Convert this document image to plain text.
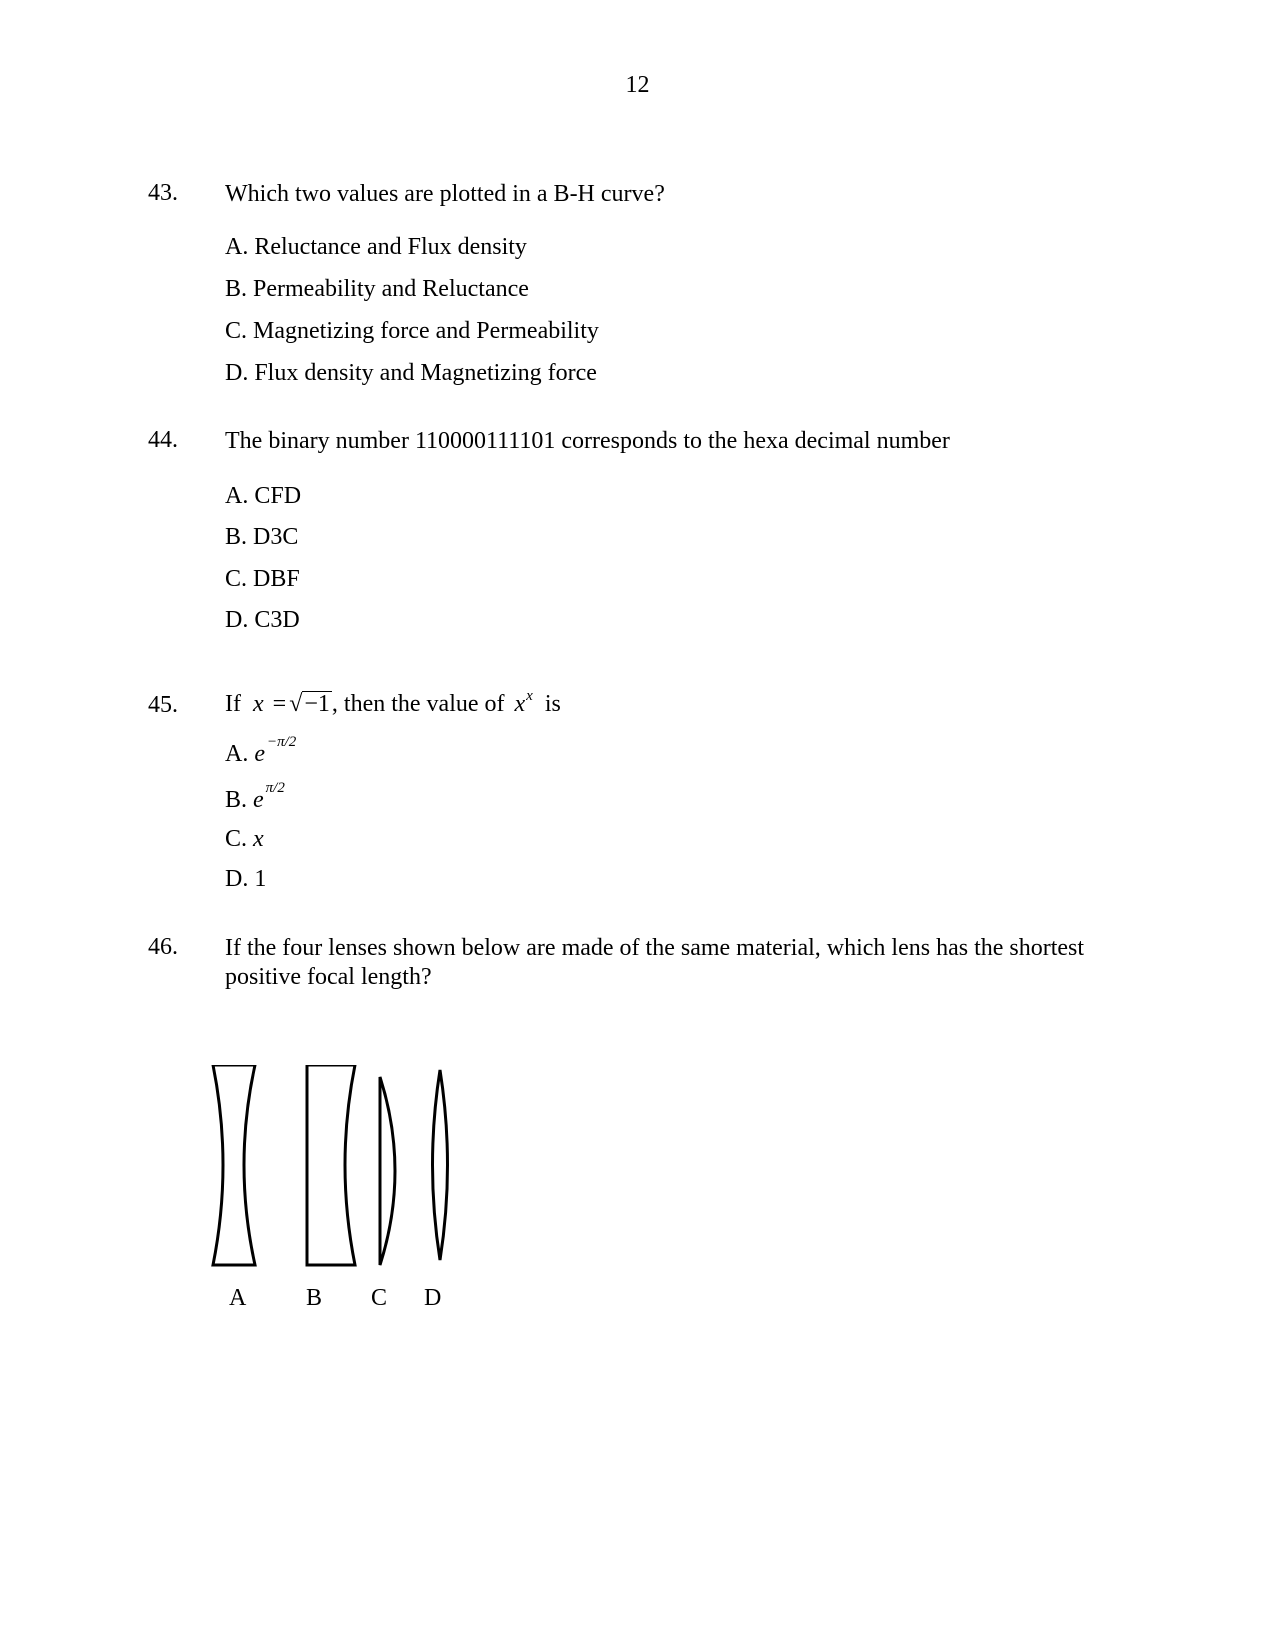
12
43. Which two values are plotted in a B-H curve?
A. Reluctance and Flux density
B. Permeability and Reluctance
C. Magnetizing force and Permeability
D. Flux density and Magnetizing force
44. The binary number 110000111101 corresponds to the hexa decimal number
A. CFD
B. D3C
C. DBF
D. C3D
45. If x = √−1, then the value of $x^x$ is
A. e $^{-\pi/2}$
B. e $^{\pi/2}$
C. x
D. 1
46. If the four lenses shown below are made of the same material, which lens has the shortest
positive focal length?
A B C D
